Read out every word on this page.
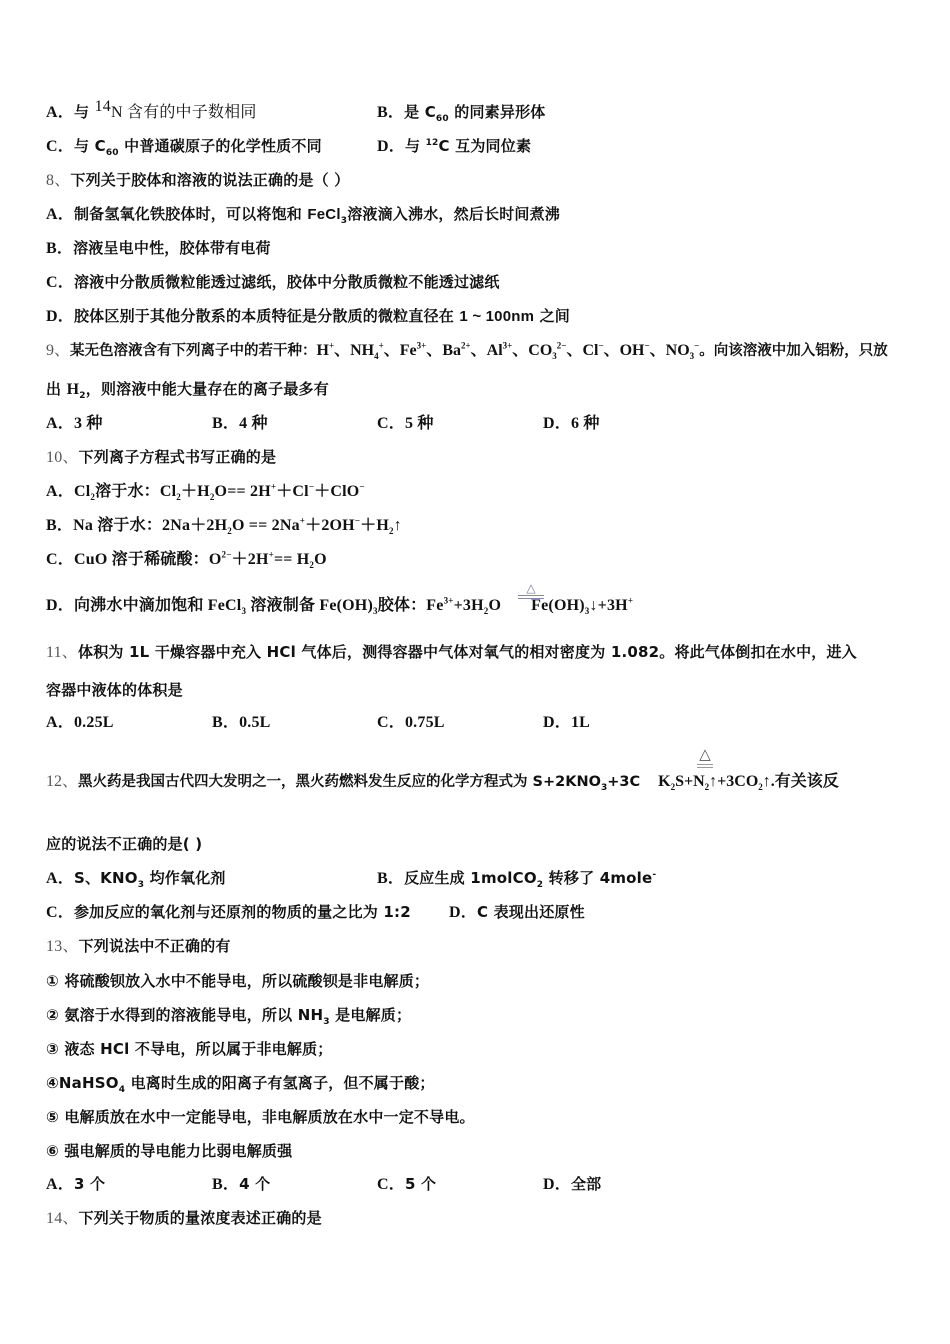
A．与 $^{14}$N 含有的中子数相同	B．是 $C_{60}$ 的同素异形体
C．与 $C_{60}$ 中普通碳原子的化学性质不同	D．与 $^{12}$C 互为同位素
8、下列关于胶体和溶液的说法正确的是（ ）
A．制备氢氧化铁胶体时，可以将饱和 FeCl$_3$溶液滴入沸水，然后长时间煮沸
B．溶液呈电中性，胶体带有电荷
C．溶液中分散质微粒能透过滤纸，胶体中分散质微粒不能透过滤纸
D．胶体区别于其他分散系的本质特征是分散质的微粒直径在 1 ~ 100nm 之间
9、某无色溶液含有下列离子中的若干种：H+、$NH_4^+$、$Fe^{3+}$、$Ba^{2+}$、$Al^{3+}$、$CO_3^{2-}$、Cl−、OH−、$NO_3^-$。向该溶液中加入铝粉，只放
出 $H_2$，则溶液中能大量存在的离子最多有
A．3 种	B．4 种	C．5 种	D．6 种
10、下列离子方程式书写正确的是
A．$Cl_2$溶于水：$Cl_2+H_2O== 2H^++Cl^-+ClO^-$
B．Na 溶于水：$2Na+2H_2O$ == $2Na^++2OH^-+H_2↑$
C．CuO 溶于稀硫酸：$O^{2-}+2H^+== H_2O$
D．向沸水中滴加饱和 FeCl$_3$ 溶液制备 $Fe(OH)_3$胶体：$Fe^{3+}+3H_2O$ $Fe(OH)_3↓+3H^+$
△
11、体积为 1L 干燥容器中充入 HCl 气体后，测得容器中气体对氧气的相对密度为 1.082。将此气体倒扣在水中，进入
容器中液体的体积是
A．0.25L	B．0.5L	C．0.75L	D．1L
12、黑火药是我国古代四大发明之一，黑火药燃料发生反应的化学方程式为 $S+2KNO_3+3C$ $K_2S+N_2↑+3CO_2↑$.有关该反
△
应的说法不正确的是( )
A．S、$KNO_3$ 均作氧化剂	B．反应生成 1molCO$_2$ 转移了 4mole-
C．参加反应的氧化剂与还原剂的物质的量之比为 1:2 D．C 表现出还原性
13、下列说法中不正确的有
① 将硫酸钡放入水中不能导电，所以硫酸钡是非电解质；
② 氨溶于水得到的溶液能导电，所以 $NH_3$ 是电解质；
③ 液态 HCl 不导电，所以属于非电解质；
④NaHSO$_4$ 电离时生成的阳离子有氢离子，但不属于酸；
⑤ 电解质放在水中一定能导电，非电解质放在水中一定不导电。
⑥ 强电解质的导电能力比弱电解质强
A．3 个	B．4 个	C．5 个	D．全部
14、下列关于物质的量浓度表述正确的是
